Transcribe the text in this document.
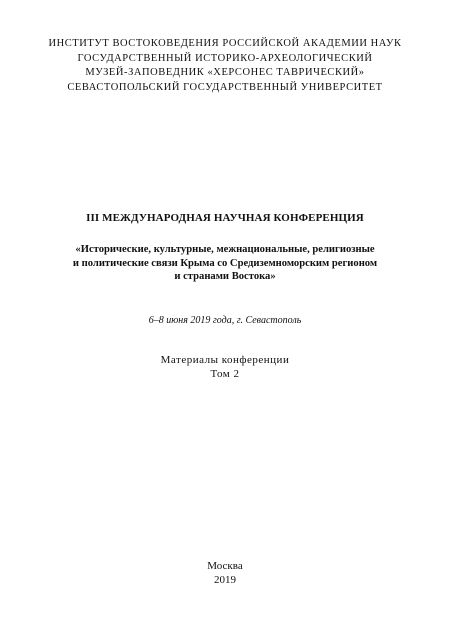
ИНСТИТУТ ВОСТОКОВЕДЕНИЯ РОССИЙСКОЙ АКАДЕМИИ НАУК
ГОСУДАРСТВЕННЫЙ ИСТОРИКО-АРХЕОЛОГИЧЕСКИЙ
МУЗЕЙ-ЗАПОВЕДНИК «ХЕРСОНЕС ТАВРИЧЕСКИЙ»
СЕВАСТОПОЛЬСКИЙ ГОСУДАРСТВЕННЫЙ УНИВЕРСИТЕТ
III МЕЖДУНАРОДНАЯ НАУЧНАЯ КОНФЕРЕНЦИЯ
«Исторические, культурные, межнациональные, религиозные
и политические связи Крыма со Средиземноморским регионом
и странами Востока»
6–8 июня 2019 года, г. Севастополь
Материалы конференции
Том 2
Москва
2019
